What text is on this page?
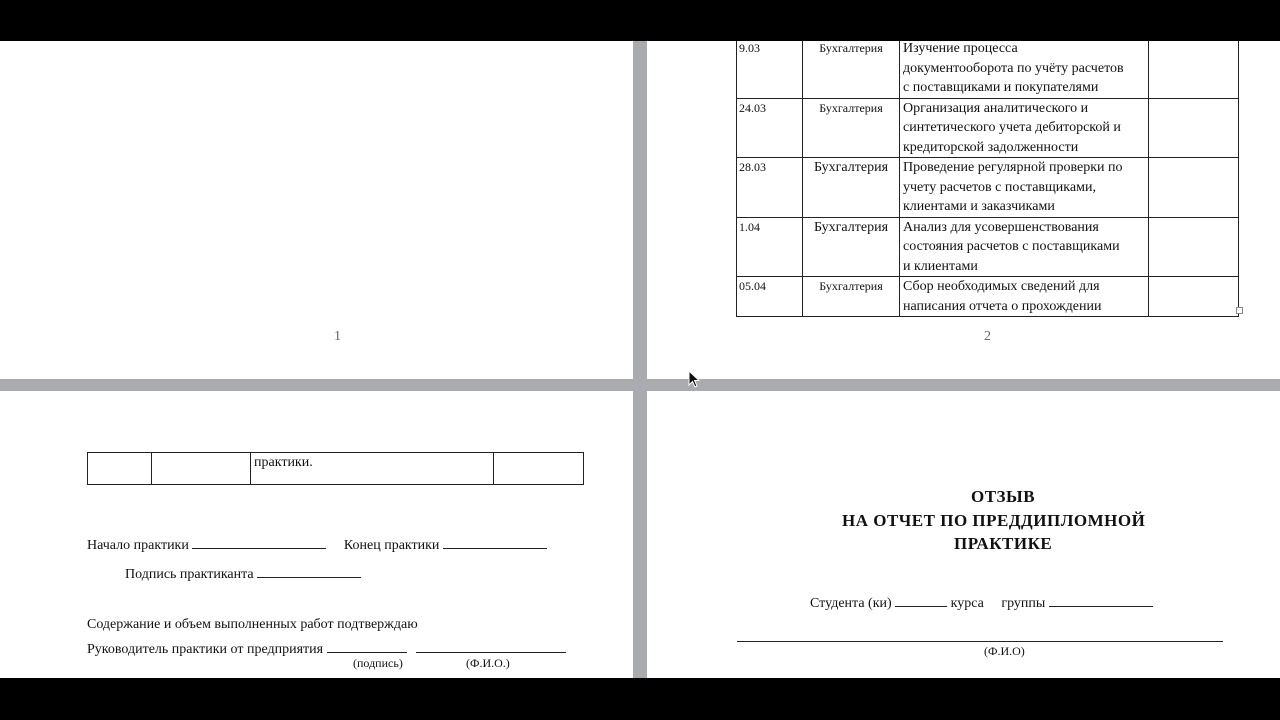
1
9.03	Бухгалтерия	Изучение процесса
документооборота по учёту расчетов
с поставщиками и покупателями	

24.03	Бухгалтерия	Организация аналитического и
синтетического учета дебиторской и
кредиторской задолженности	

28.03	Бухгалтерия	Проведение регулярной проверки по
учету расчетов с поставщиками,
клиентами и заказчиками	

1.04	Бухгалтерия	Анализ для усовершенствования
состояния расчетов с поставщиками
и клиентами	

05.04	Бухгалтерия	Сбор необходимых сведений для
написания отчета о прохождении	

2
		практики.	
Начало практики	Конец практики
Подпись практиканта
Содержание и объем выполненных работ подтверждаю
Руководитель практики от предприятия
(подпись)	(Ф.И.О.)
ОТЗЫВ
НА ОТЧЕТ ПО ПРЕДДИПЛОМНОЙ
ПРАКТИКЕ
Студента (ки)	курса группы
(Ф.И.О)
